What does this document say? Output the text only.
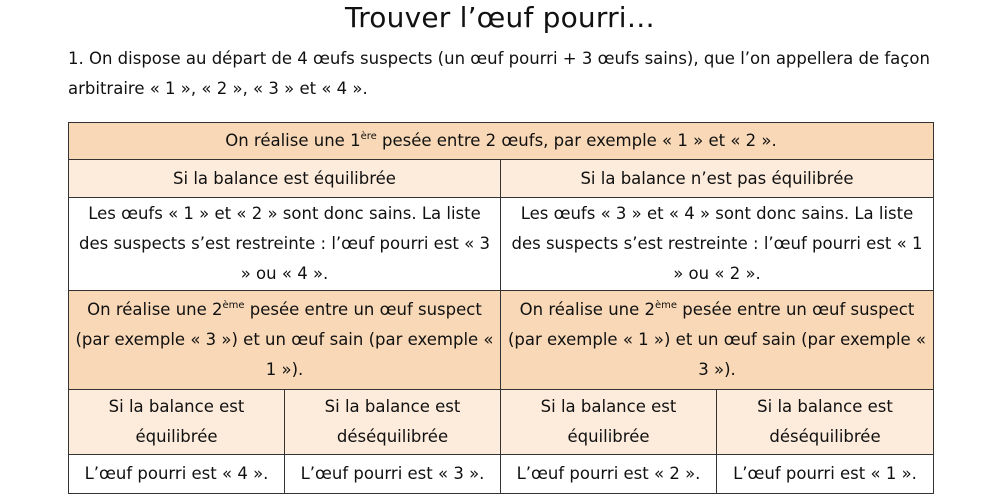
Trouver l’œuf pourri…
1. On dispose au départ de 4 œufs suspects (un œuf pourri + 3 œufs sains), que l’on appellera de façon arbitraire « 1 », « 2 », « 3 » et « 4 ».
On réalise une 1ère pesée entre 2 œufs, par exemple « 1 » et « 2 ».			
Si la balance est équilibrée		Si la balance n’est pas équilibrée	
Les œufs « 1 » et « 2 » sont donc sains. La liste des suspects s’est restreinte : l’œuf pourri est « 3 » ou « 4 ».		Les œufs « 3 » et « 4 » sont donc sains. La liste des suspects s’est restreinte : l’œuf pourri est « 1 » ou « 2 ».	
On réalise une 2ème pesée entre un œuf suspect (par exemple « 3 ») et un œuf sain (par exemple « 1 »).		On réalise une 2ème pesée entre un œuf suspect (par exemple « 1 ») et un œuf sain (par exemple « 3 »).	
Si la balance est équilibrée	Si la balance est déséquilibrée	Si la balance est équilibrée	Si la balance est déséquilibrée
L’œuf pourri est « 4 ».	L’œuf pourri est « 3 ».	L’œuf pourri est « 2 ».	L’œuf pourri est « 1 ».
